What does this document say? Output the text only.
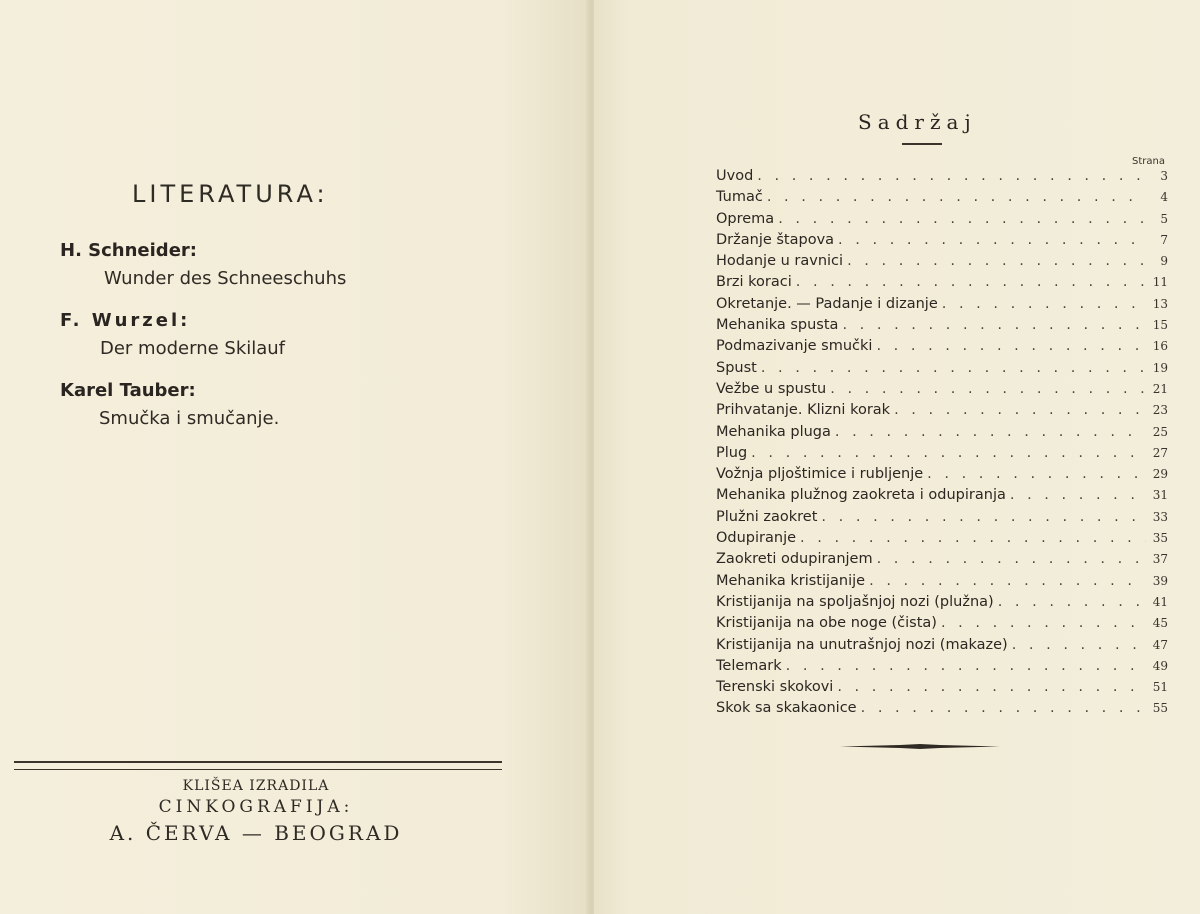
LITERATURA:
H. Schneider:
Wunder des Schneeschuhs
F. Wurzel:
Der moderne Skilauf
Karel Tauber:
Smučka i smučanje.
KLIŠEA IZRADILA
CINKOGRAFIJA:
A. ČERVA — BEOGRAD
Sadržaj
Strana
Uvod . . .	3
Tumač . . .	4
Oprema . . .	5
Držanje štapova . . .	7
Hodanje u ravnici . . .	9
Brzi koraci . . .	11
Okretanje. — Padanje i dizanje . . .	13
Mehanika spusta . . .	15
Podmazivanje smučki . . .	16
Spust . . .	19
Vežbe u spustu . . .	21
Prihvatanje. Klizni korak . . .	23
Mehanika pluga . . .	25
Plug . . .	27
Vožnja pljoštimice i rubljenje . . .	29
Mehanika plužnog zaokreta i odupiranja . . .	31
Plužni zaokret . . .	33
Odupiranje . . .	35
Zaokreti odupiranjem . . .	37
Mehanika kristijanije . . .	39
Kristijanija na spoljašnjoj nozi (plužna) . . .	41
Kristijanija na obe noge (čista) . . .	45
Kristijanija na unutrašnjoj nozi (makaze) . . .	47
Telemark . . .	49
Terenski skokovi . . .	51
Skok sa skakaonice . . .	55
